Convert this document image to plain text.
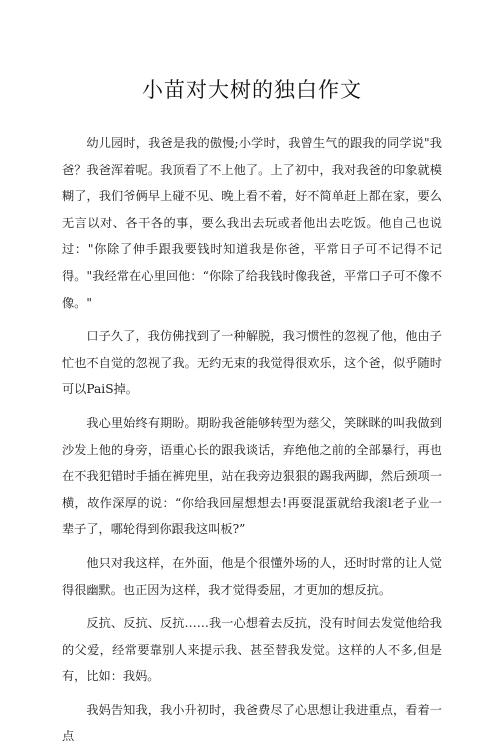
小苗对大树的独白作文

幼儿园时，我爸是我的傲慢;小学时，我曾生气的跟我的同学说"我爸？我爸浑着呢。我顶看了不上他了。上了初中，我对我爸的印象就模糊了，我们爷俩早上碰不见、晚上看不着，好不简单赶上都在家，要么无言以对、各干各的事，要么我出去玩或者他出去吃饭。他自己也说过："你除了伸手跟我要钱时知道我是你爸，平常日子可不记得不记得。"我经常在心里回他：“你除了给我钱时像我爸，平常口子可不像不像。"

口子久了，我仿佛找到了一种解脱，我习惯性的忽视了他，他由子忙也不自觉的忽视了我。无约无束的我觉得很欢乐，这个爸，似乎随时可以PaiS掉。

我心里始终有期盼。期盼我爸能够转型为慈父，笑眯眯的叫我做到沙发上他的身旁，语重心长的跟我谈话，弃绝他之前的全部暴行，再也在不我犯错时手插在裤兜里，站在我旁边狠狠的踢我两脚，然后颈项一横，故作深厚的说：“你给我回屋想想去!再耍混蛋就给我滚l老子业一辈子了，哪轮得到你跟我这叫板?”

他只对我这样，在外面，他是个很懂外场的人，还时时常的让人觉得很幽默。也正因为这样，我才觉得委屈，才更加的想反抗。

反抗、反抗、反抗……我一心想着去反抗，没有时间去发觉他给我的父爱，经常要靠别人来提示我、甚至替我发觉。这样的人不多,但是有，比如：我妈。

我妈告知我，我小升初时，我爸费尽了心思想让我进重点，看着一点
